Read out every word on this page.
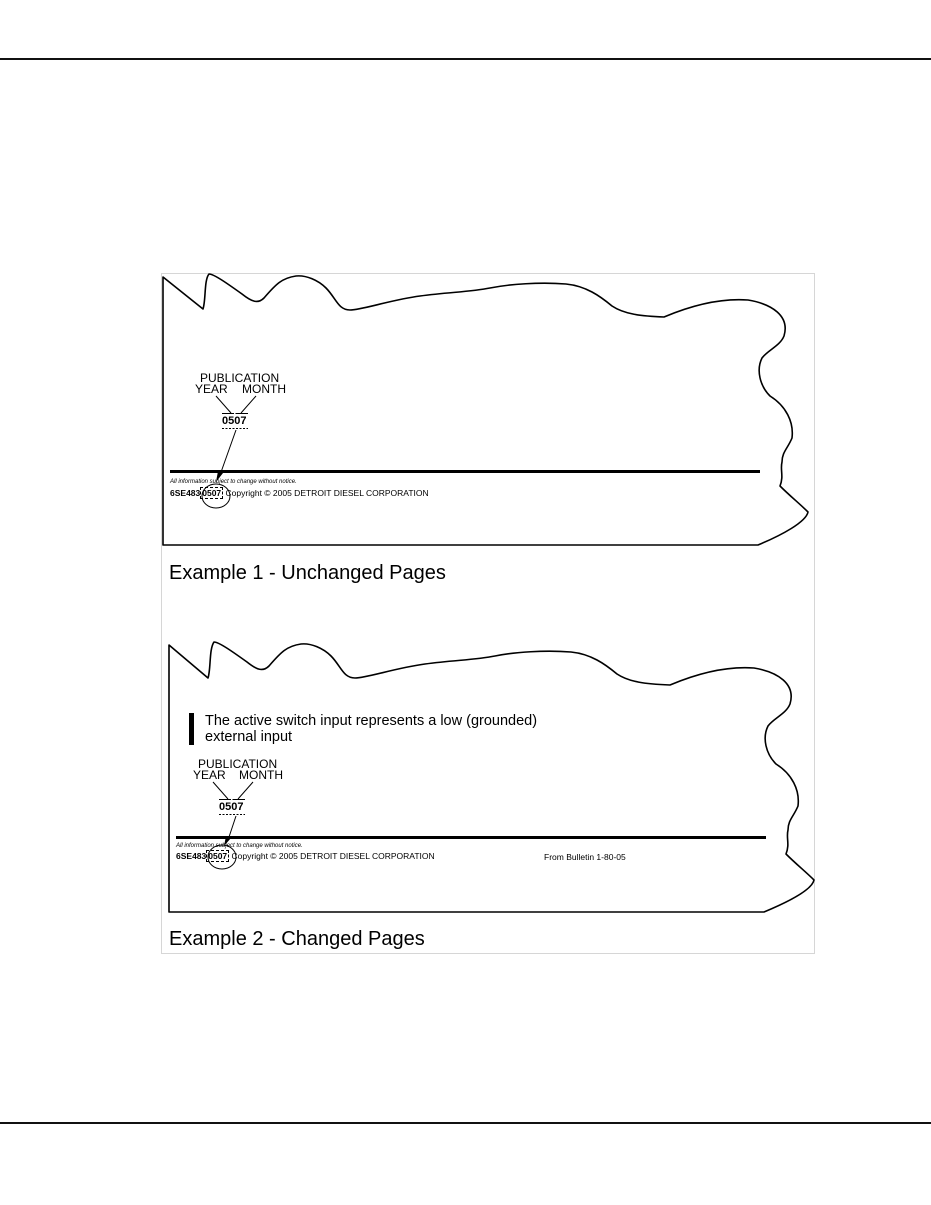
PUBLICATION
YEAR MONTH
0507
All information subject to change without notice.
6SE483 0507 Copyright © 2005 DETROIT DIESEL CORPORATION
Example 1 - Unchanged Pages
The active switch input represents a low (grounded)
external input
PUBLICATION
YEAR MONTH
0507
All information subject to change without notice.
6SE483 0507 Copyright © 2005 DETROIT DIESEL CORPORATION	From Bulletin 1-80-05
Example 2 - Changed Pages
